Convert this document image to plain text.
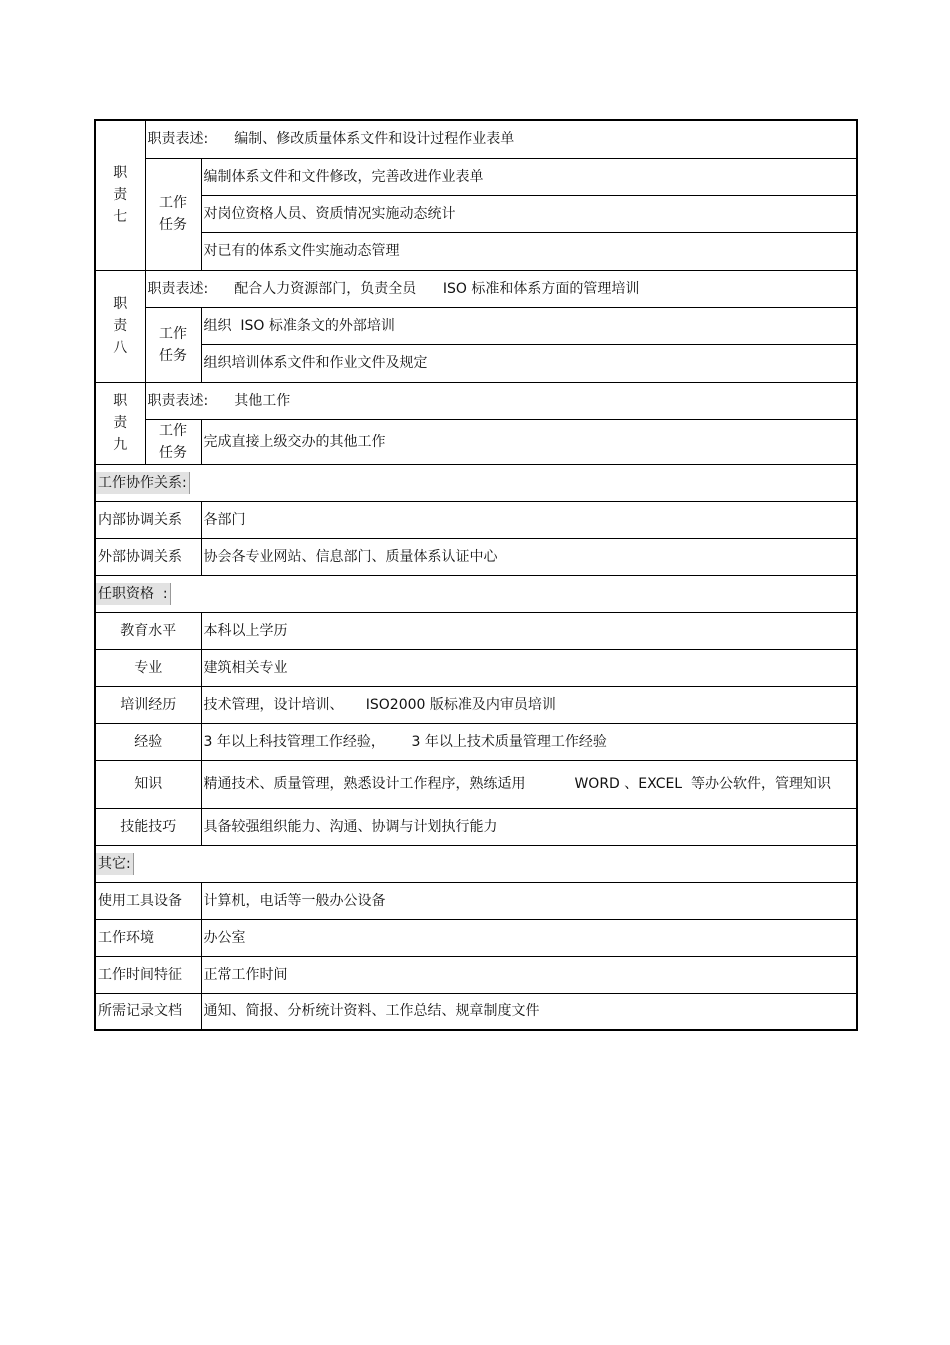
职
责
七	职责表述: 编制、修改质量体系文件和设计过程作业表单	
	工作
任务	编制体系文件和文件修改，完善改进作业表单
		对岗位资格人员、资质情况实施动态统计
		对已有的体系文件实施动态管理
职
责
八	职责表述: 配合人力资源部门，负责全员      ISO 标准和体系方面的管理培训	
	工作
任务	组织  ISO 标准条文的外部培训
		组织培训体系文件和作业文件及规定
职
责
九	职责表述: 其他工作	
	工作
任务	完成直接上级交办的其他工作
工作协作关系:		
内部协调关系		各部门
外部协调关系		协会各专业网站、信息部门、质量体系认证中心
任职资格  :		
教育水平		本科以上学历
专业		建筑相关专业
培训经历		技术管理，设计培训、     ISO2000 版标准及内审员培训
经验		3 年以上科技管理工作经验，      3 年以上技术质量管理工作经验
知识		精通技术、质量管理，熟悉设计工作程序，熟练适用           WORD 、EXCEL  等办公软件，管理知识
技能技巧		具备较强组织能力、沟通、协调与计划执行能力
其它:		
使用工具设备		计算机，电话等一般办公设备
工作环境		办公室
工作时间特征		正常工作时间
所需记录文档		通知、简报、分析统计资料、工作总结、规章制度文件
